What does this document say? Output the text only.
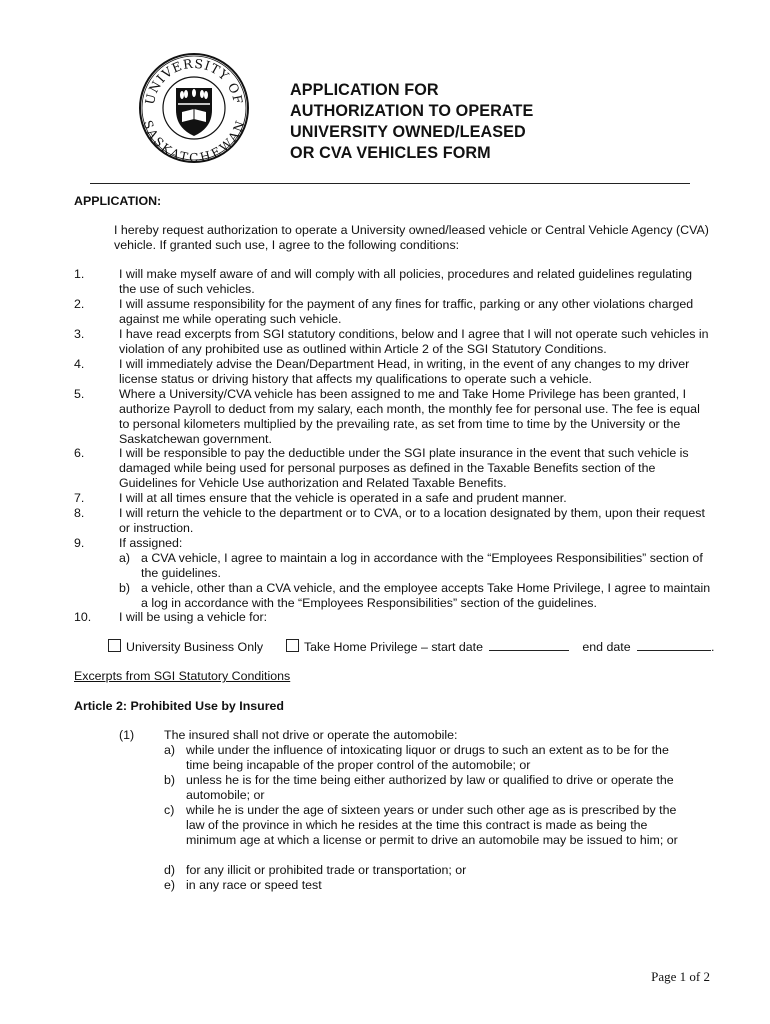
UNIVERSITY OF
SASKATCHEWAN
APPLICATION FOR
AUTHORIZATION TO OPERATE
UNIVERSITY OWNED/LEASED
OR CVA VEHICLES FORM
APPLICATION:
I hereby request authorization to operate a University owned/leased vehicle or Central Vehicle Agency (CVA) vehicle. If granted such use, I agree to the following conditions:
1.	I will make myself aware of and will comply with all policies, procedures and related guidelines regulating the use of such vehicles.
2.	I will assume responsibility for the payment of any fines for traffic, parking or any other violations charged against me while operating such vehicle.
3.	I have read excerpts from SGI statutory conditions, below and I agree that I will not operate such vehicles in violation of any prohibited use as outlined within Article 2 of the SGI Statutory Conditions.
4.	I will immediately advise the Dean/Department Head, in writing, in the event of any changes to my driver license status or driving history that affects my qualifications to operate such a vehicle.
5.	Where a University/CVA vehicle has been assigned to me and Take Home Privilege has been granted, I authorize Payroll to deduct from my salary, each month, the monthly fee for personal use. The fee is equal to personal kilometers multiplied by the prevailing rate, as set from time to time by the University or the Saskatchewan government.
6.	I will be responsible to pay the deductible under the SGI plate insurance in the event that such vehicle is damaged while being used for personal purposes as defined in the Taxable Benefits section of the Guidelines for Vehicle Use authorization and Related Taxable Benefits.
7.	I will at all times ensure that the vehicle is operated in a safe and prudent manner.
8.	I will return the vehicle to the department or to CVA, or to a location designated by them, upon their request or instruction.
9.	If assigned:
a) a CVA vehicle, I agree to maintain a log in accordance with the “Employees Responsibilities” section of the guidelines.
b) a vehicle, other than a CVA vehicle, and the employee accepts Take Home Privilege, I agree to maintain a log in accordance with the “Employees Responsibilities” section of the guidelines.
10.	I will be using a vehicle for:
University Business Only	Take Home Privilege – start date	end date	.
Excerpts from SGI Statutory Conditions
Article 2: Prohibited Use by Insured
(1) The insured shall not drive or operate the automobile:
a) while under the influence of intoxicating liquor or drugs to such an extent as to be for the time being incapable of the proper control of the automobile; or
b) unless he is for the time being either authorized by law or qualified to drive or operate the automobile; or
c) while he is under the age of sixteen years or under such other age as is prescribed by the law of the province in which he resides at the time this contract is made as being the minimum age at which a license or permit to drive an automobile may be issued to him; or
d) for any illicit or prohibited trade or transportation; or
e) in any race or speed test
Page 1 of 2
